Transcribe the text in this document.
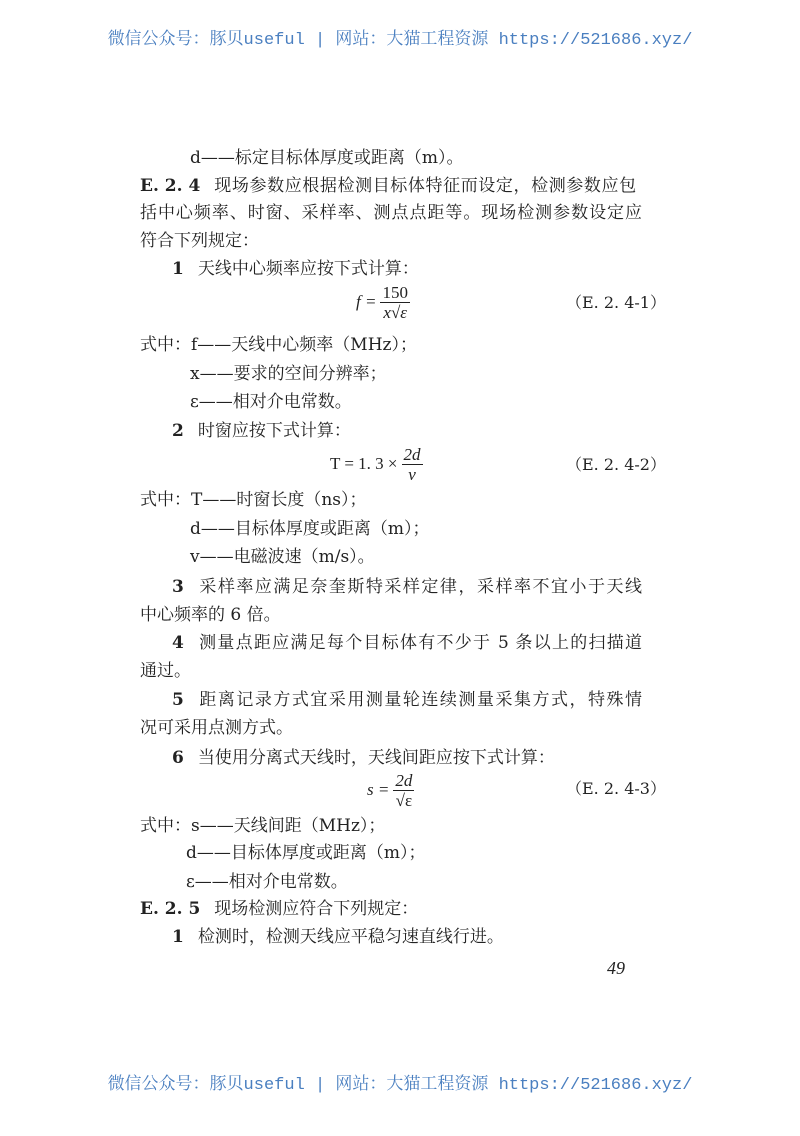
微信公众号：豚贝useful | 网站：大猫工程资源 https://521686.xyz/
d——标定目标体厚度或距离（m）。
E. 2. 4 现场参数应根据检测目标体特征而设定，检测参数应包
括中心频率、时窗、采样率、测点点距等。现场检测参数设定应
符合下列规定：
1 天线中心频率应按下式计算：
$f = \frac{150}{x√\varepsilon}$	（E. 2. 4-1）
式中：f——天线中心频率（MHz）；
x——要求的空间分辨率；
ε——相对介电常数。
2 时窗应按下式计算：
T = 1. $3 \times \frac{2d}{v}$	（E. 2. 4-2）
式中：T——时窗长度（ns）；
d——目标体厚度或距离（m）；
v——电磁波速（m/s）。
3 采样率应满足奈奎斯特采样定律，采样率不宜小于天线
中心频率的 6 倍。
4 测量点距应满足每个目标体有不少于 5 条以上的扫描道
通过。
5 距离记录方式宜采用测量轮连续测量采集方式，特殊情
况可采用点测方式。
6 当使用分离式天线时，天线间距应按下式计算：
$s = \frac{2d}{√\varepsilon}$	（E. 2. 4-3）
式中：s——天线间距（MHz）；
d——目标体厚度或距离（m）；
ε——相对介电常数。
E. 2. 5 现场检测应符合下列规定：
1 检测时，检测天线应平稳匀速直线行进。
49
微信公众号：豚贝useful | 网站：大猫工程资源 https://521686.xyz/
